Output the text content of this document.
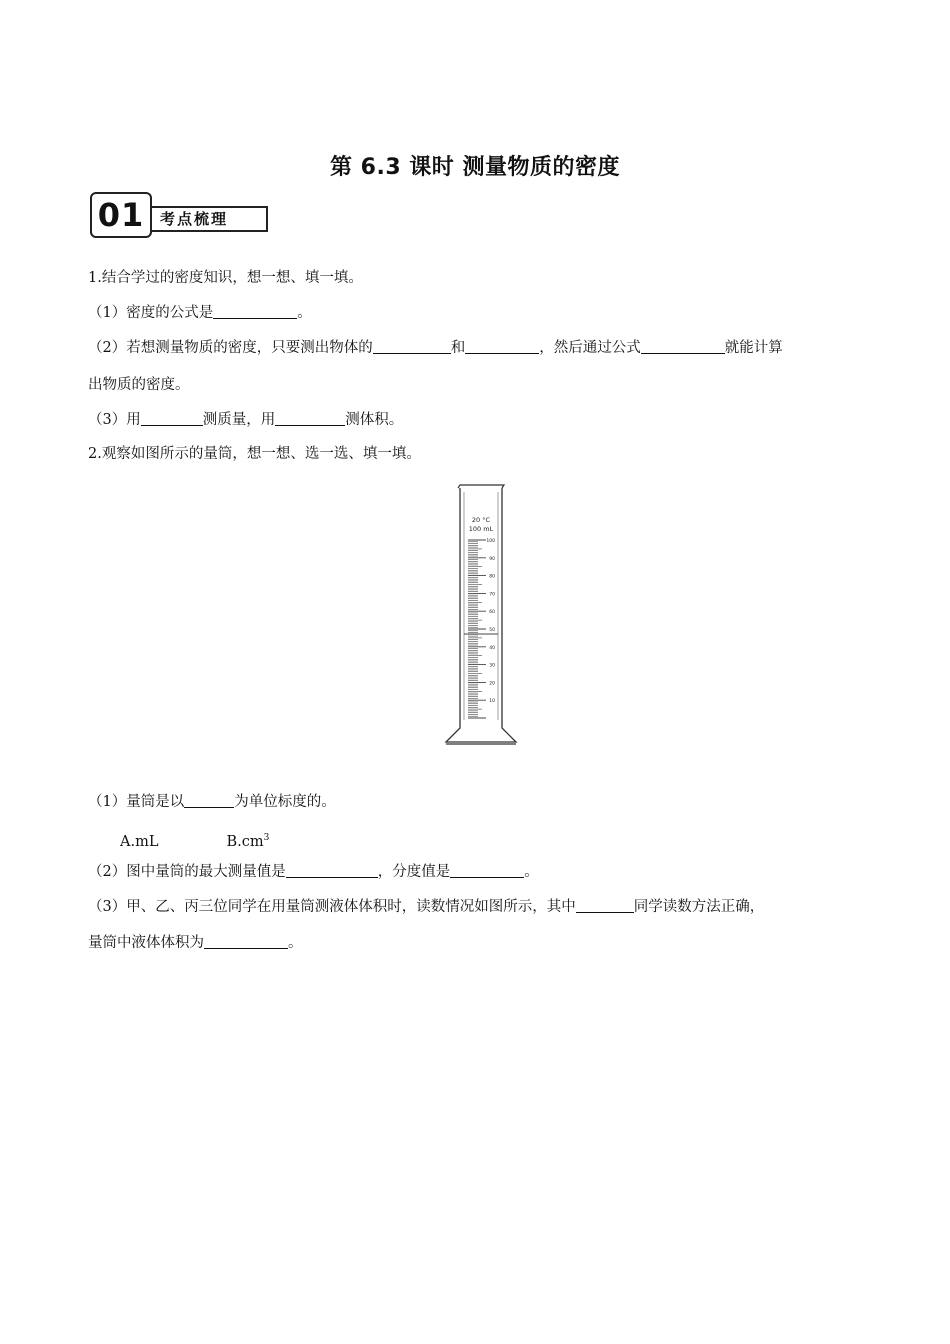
第 6.3 课时 测量物质的密度
考点梳理
01
1.结合学过的密度知识，想一想、填一填。
（1）密度的公式是	。
（2）若想测量物质的密度，只要测出物体的	和	，然后通过公式	就能计算
出物质的密度。
（3）用	测质量，用	测体积。
2.观察如图所示的量筒，想一想、选一选、填一填。
20 °C
100 mL
100
90
80
70
60
50
40
30
20
10
（1）量筒是以	为单位标度的。
A.mL	$B.cm^3$
（2）图中量筒的最大测量值是	，分度值是	。
（3）甲、乙、丙三位同学在用量筒测液体体积时，读数情况如图所示，其中	同学读数方法正确，
量筒中液体体积为	。
